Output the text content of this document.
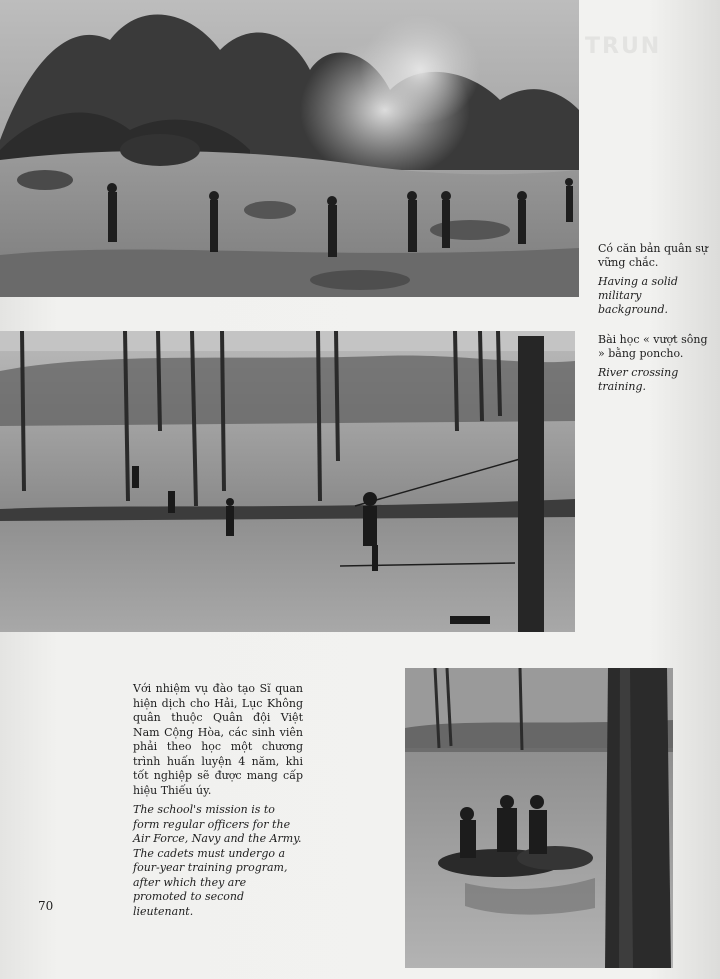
TRUN
Có căn bản quân sự vững chắc.
Having a solid military background.
Bài học « vượt sông » bằng poncho.
River crossing training.
Với nhiệm vụ đào tạo Sĩ quan hiện dịch cho Hải, Lục Không quân thuộc Quân đội Việt Nam Cộng Hòa, các sinh viên phải theo học một chương trình huấn luyện 4 năm, khi tốt nghiệp sẽ được mang cấp hiệu Thiếu úy.
The school's mission is to form regular officers for the Air Force, Navy and the Army. The cadets must undergo a four-year training program, after which they are promoted to second lieutenant.
70
